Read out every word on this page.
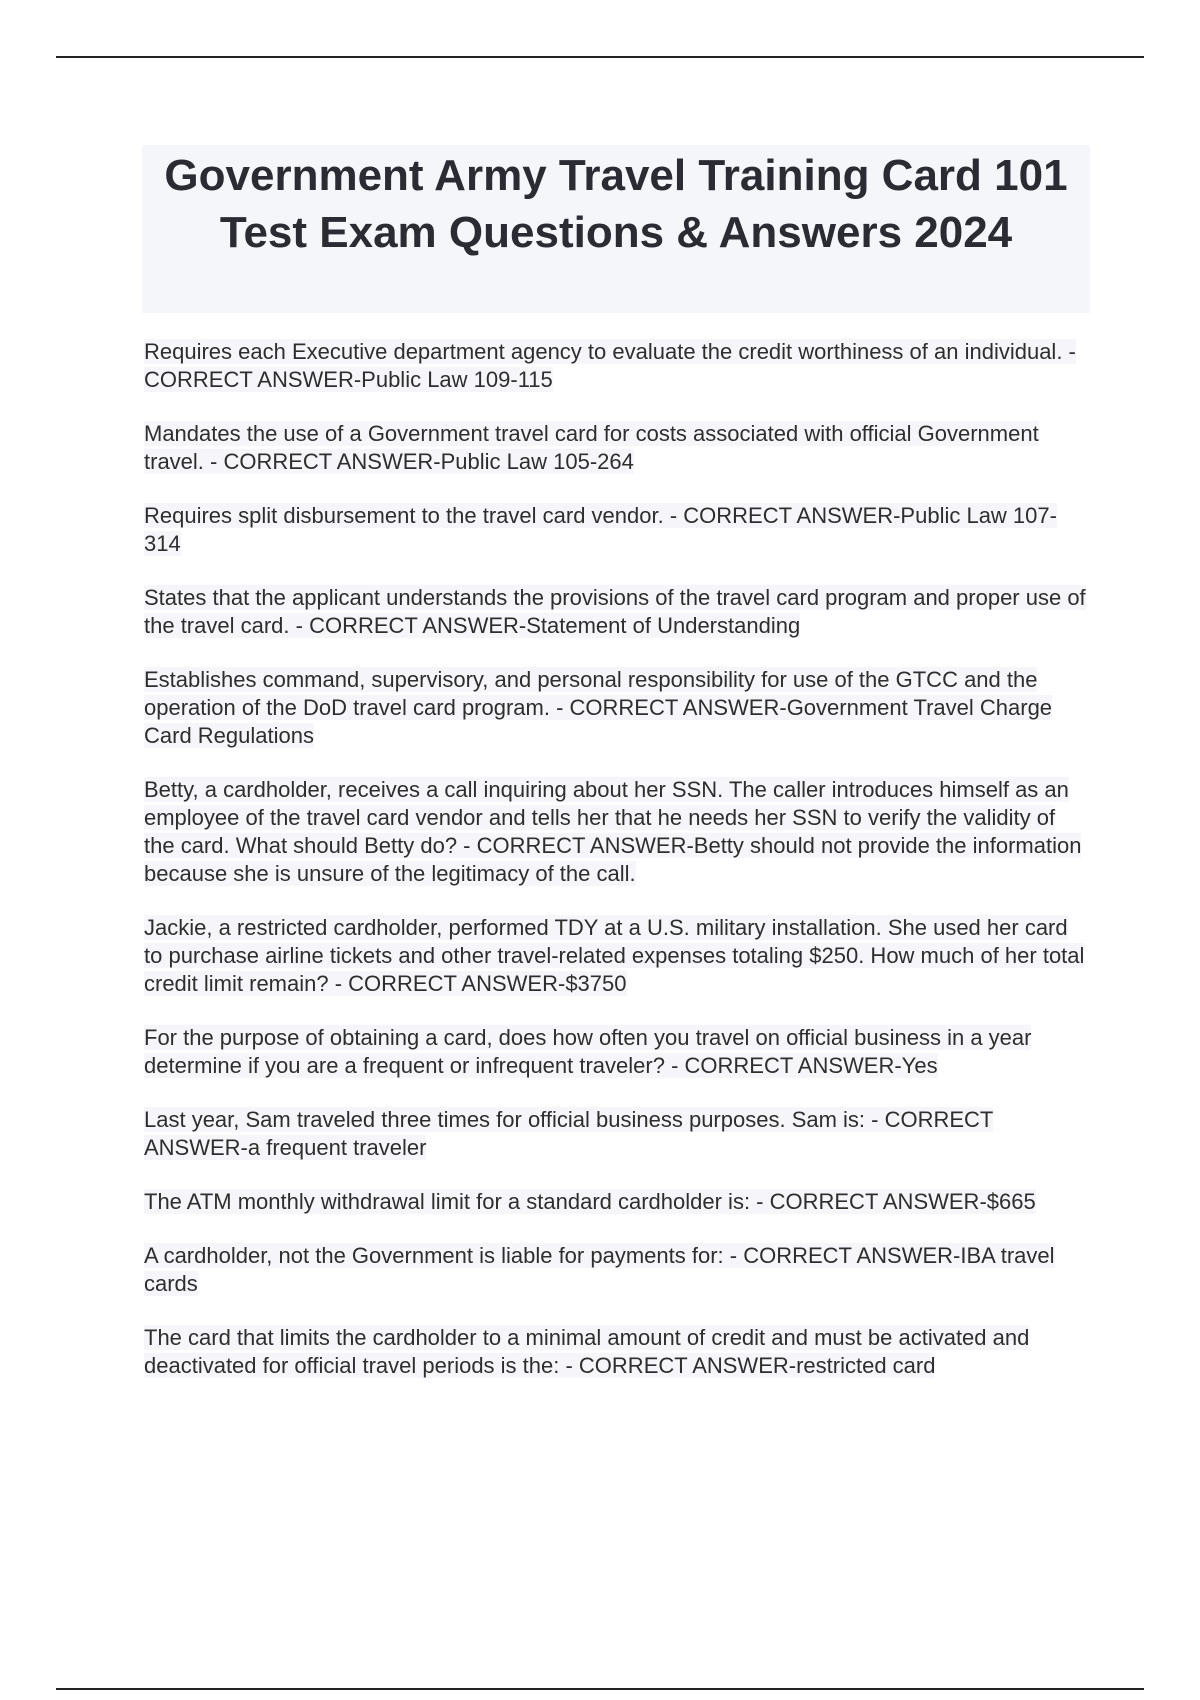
Government Army Travel Training Card 101 Test Exam Questions & Answers 2024

Requires each Executive department agency to evaluate the credit worthiness of an individual. - CORRECT ANSWER-Public Law 109-115

Mandates the use of a Government travel card for costs associated with official Government travel. - CORRECT ANSWER-Public Law 105-264

Requires split disbursement to the travel card vendor. - CORRECT ANSWER-Public Law 107-314

States that the applicant understands the provisions of the travel card program and proper use of the travel card. - CORRECT ANSWER-Statement of Understanding

Establishes command, supervisory, and personal responsibility for use of the GTCC and the operation of the DoD travel card program. - CORRECT ANSWER-Government Travel Charge Card Regulations

Betty, a cardholder, receives a call inquiring about her SSN. The caller introduces himself as an employee of the travel card vendor and tells her that he needs her SSN to verify the validity of the card. What should Betty do? - CORRECT ANSWER-Betty should not provide the information because she is unsure of the legitimacy of the call.

Jackie, a restricted cardholder, performed TDY at a U.S. military installation. She used her card to purchase airline tickets and other travel-related expenses totaling $250. How much of her total credit limit remain? - CORRECT ANSWER-$3750

For the purpose of obtaining a card, does how often you travel on official business in a year determine if you are a frequent or infrequent traveler? - CORRECT ANSWER-Yes

Last year, Sam traveled three times for official business purposes. Sam is: - CORRECT ANSWER-a frequent traveler

The ATM monthly withdrawal limit for a standard cardholder is: - CORRECT ANSWER-$665

A cardholder, not the Government is liable for payments for: - CORRECT ANSWER-IBA travel cards

The card that limits the cardholder to a minimal amount of credit and must be activated and deactivated for official travel periods is the: - CORRECT ANSWER-restricted card
